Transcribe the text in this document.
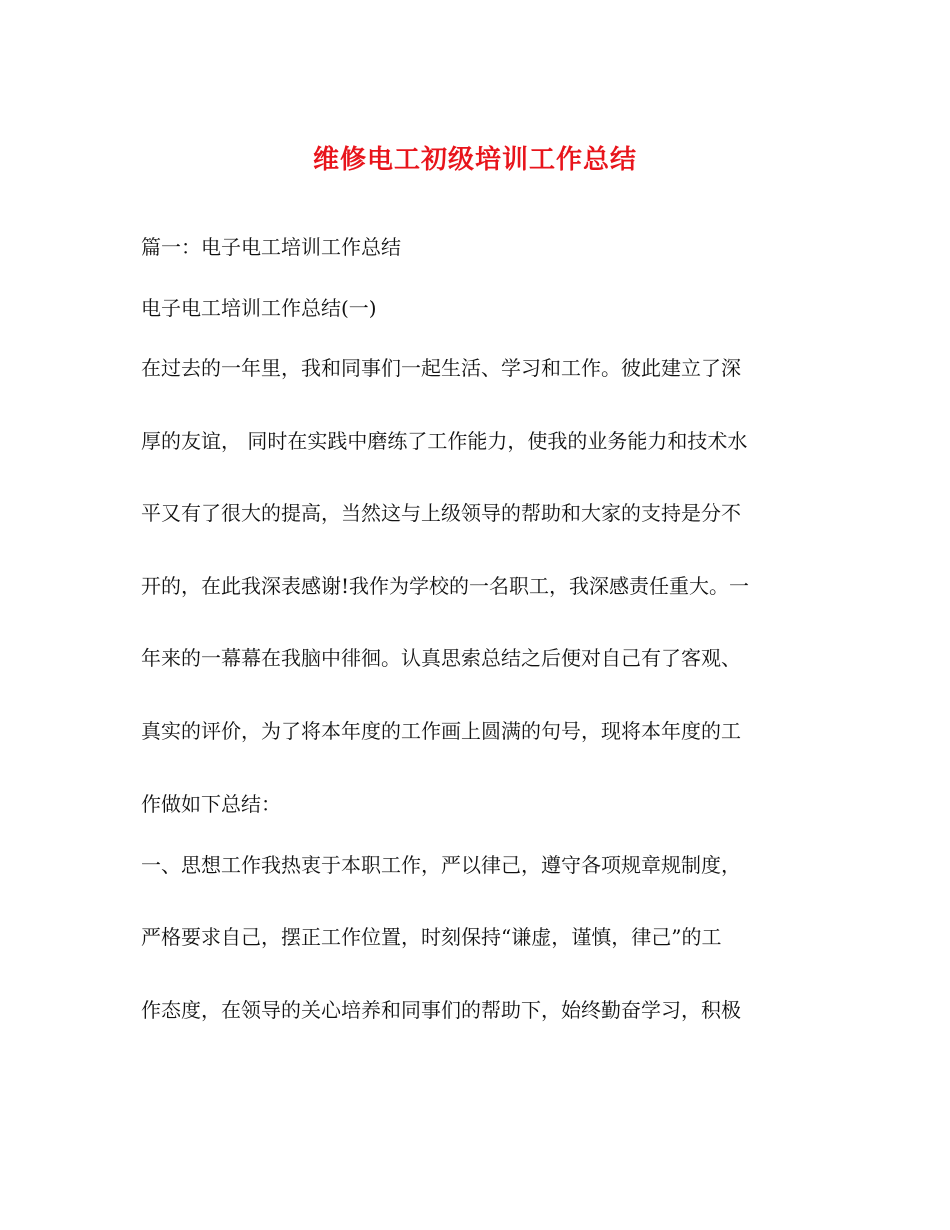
维修电工初级培训工作总结
篇一：电子电工培训工作总结
电子电工培训工作总结(一)
在过去的一年里，我和同事们一起生活、学习和工作。彼此建立了深
厚的友谊， 同时在实践中磨练了工作能力，使我的业务能力和技术水
平又有了很大的提高，当然这与上级领导的帮助和大家的支持是分不
开的，在此我深表感谢!我作为学校的一名职工，我深感责任重大。一
年来的一幕幕在我脑中徘徊。认真思索总结之后便对自己有了客观、
真实的评价，为了将本年度的工作画上圆满的句号，现将本年度的工
作做如下总结：
一、思想工作我热衷于本职工作，严以律己，遵守各项规章规制度，
严格要求自己，摆正工作位置，时刻保持“谦虚，谨慎，律己”的工
作态度，在领导的关心培养和同事们的帮助下，始终勤奋学习，积极
